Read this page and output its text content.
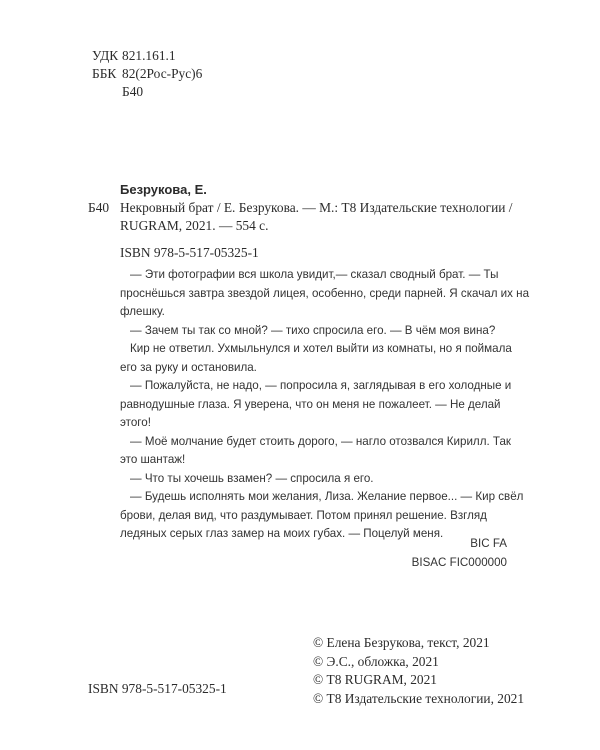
УДК 821.161.1
ББК 82(2Рос-Рус)6
Б40
Безрукова, Е.
Б40 Некровный брат / Е. Безрукова. — М.: Т8 Издательские технологии / RUGRAM, 2021. — 554 с.
ISBN 978-5-517-05325-1

— Эти фотографии вся школа увидит,— сказал сводный брат. — Ты проснёшься завтра звездой лицея, особенно, среди парней. Я скачал их на флешку.

— Зачем ты так со мной? — тихо спросила его. — В чём моя вина?

Кир не ответил. Ухмыльнулся и хотел выйти из комнаты, но я поймала его за руку и остановила.

— Пожалуйста, не надо, — попросила я, заглядывая в его холодные и равнодушные глаза. Я уверена, что он меня не пожалеет. — Не делай этого!

— Моё молчание будет стоить дорого, — нагло отозвался Кирилл. Так это шантаж!

— Что ты хочешь взамен? — спросила я его.

— Будешь исполнять мои желания, Лиза. Желание первое... — Кир свёл брови, делая вид, что раздумывает. Потом принял решение. Взгляд ледяных серых глаз замер на моих губах. — Поцелуй меня.

BIC FA
BISAC FIC000000
ISBN 978-5-517-05325-1
© Елена Безрукова, текст, 2021
© Э.С., обложка, 2021
© Т8 RUGRAM, 2021
© Т8 Издательские технологии, 2021
